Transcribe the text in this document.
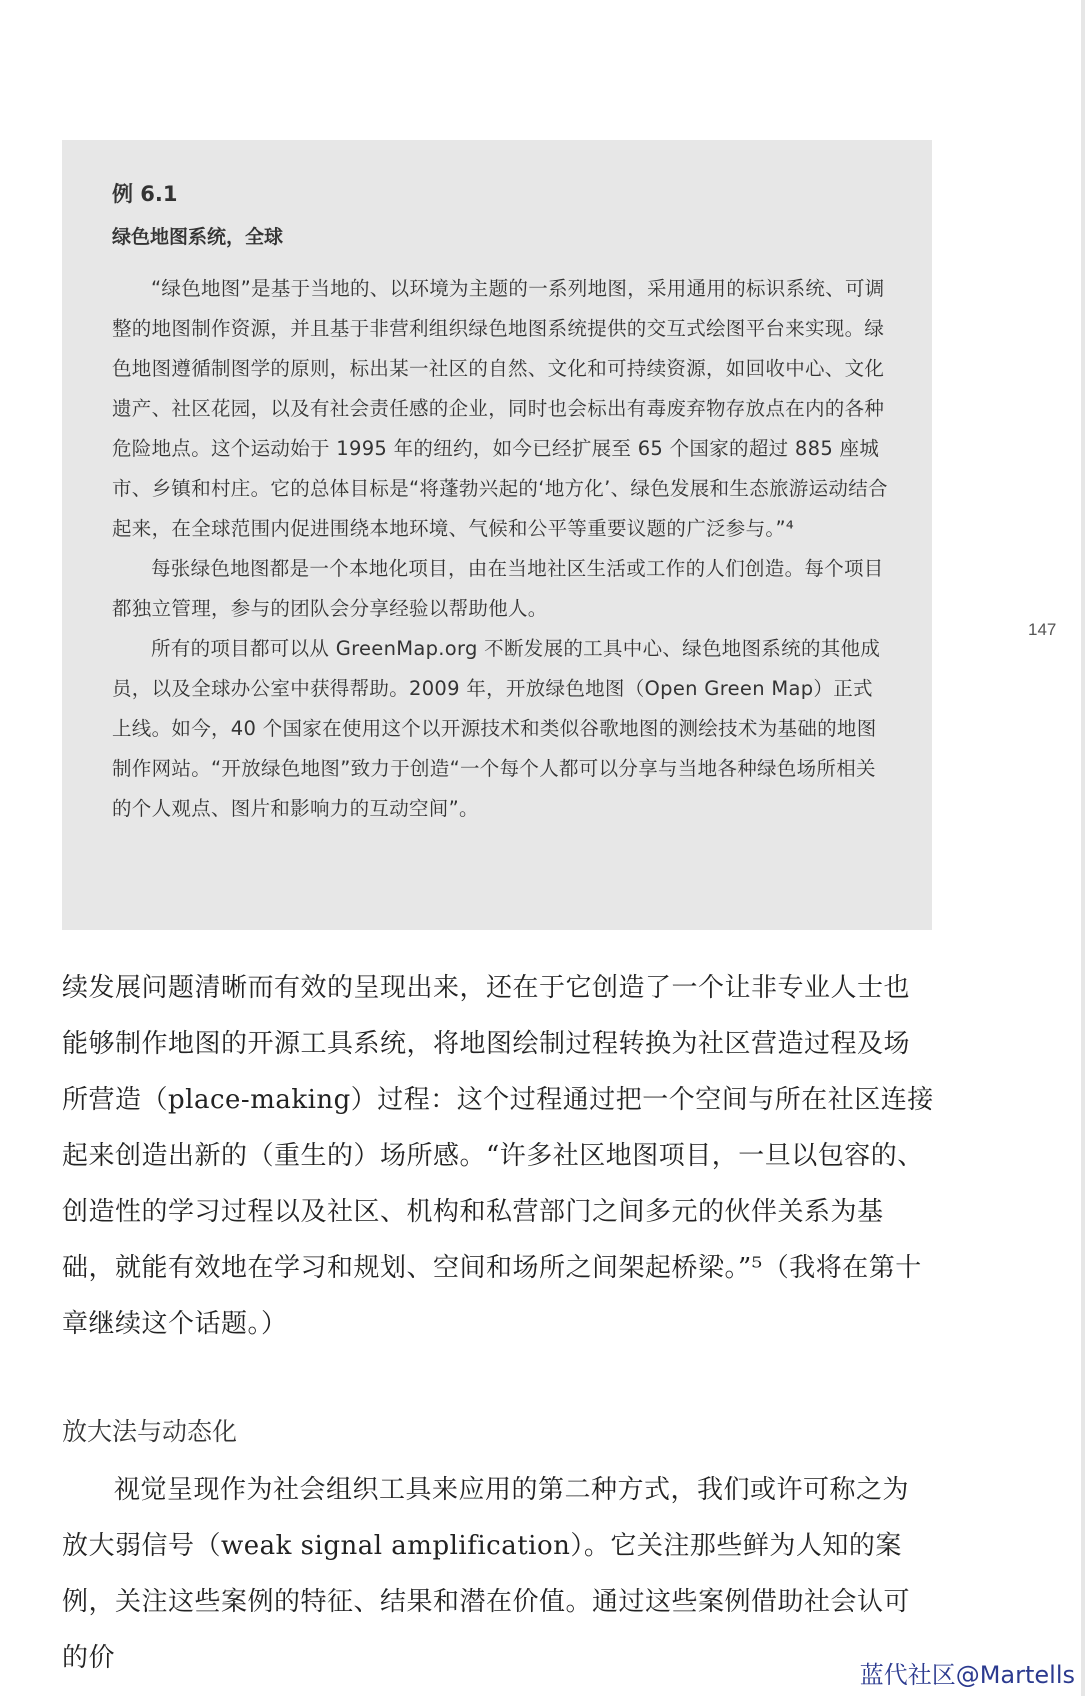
例 6.1
绿色地图系统，全球

“绿色地图”是基于当地的、以环境为主题的一系列地图，采用通用的标识系统、可调整的地图制作资源，并且基于非营利组织绿色地图系统提供的交互式绘图平台来实现。绿色地图遵循制图学的原则，标出某一社区的自然、文化和可持续资源，如回收中心、文化遗产、社区花园，以及有社会责任感的企业，同时也会标出有毒废弃物存放点在内的各种危险地点。这个运动始于 1995 年的纽约，如今已经扩展至 65 个国家的超过 885 座城市、乡镇和村庄。它的总体目标是“将蓬勃兴起的‘地方化’、绿色发展和生态旅游运动结合起来，在全球范围内促进围绕本地环境、气候和公平等重要议题的广泛参与。”⁴

每张绿色地图都是一个本地化项目，由在当地社区生活或工作的人们创造。每个项目都独立管理，参与的团队会分享经验以帮助他人。

所有的项目都可以从 GreenMap.org 不断发展的工具中心、绿色地图系统的其他成员，以及全球办公室中获得帮助。2009 年，开放绿色地图（Open Green Map）正式上线。如今，40 个国家在使用这个以开源技术和类似谷歌地图的测绘技术为基础的地图制作网站。“开放绿色地图”致力于创造“一个每个人都可以分享与当地各种绿色场所相关的个人观点、图片和影响力的互动空间”。

147

续发展问题清晰而有效的呈现出来，还在于它创造了一个让非专业人士也能够制作地图的开源工具系统，将地图绘制过程转换为社区营造过程及场所营造（place-making）过程：这个过程通过把一个空间与所在社区连接起来创造出新的（重生的）场所感。“许多社区地图项目，一旦以包容的、创造性的学习过程以及社区、机构和私营部门之间多元的伙伴关系为基础，就能有效地在学习和规划、空间和场所之间架起桥梁。”⁵（我将在第十章继续这个话题。）

放大法与动态化

视觉呈现作为社会组织工具来应用的第二种方式，我们或许可称之为放大弱信号（weak signal amplification）。它关注那些鲜为人知的案例，关注这些案例的特征、结果和潜在价值。通过这些案例借助社会认可的价

蓝代社区@Martells
